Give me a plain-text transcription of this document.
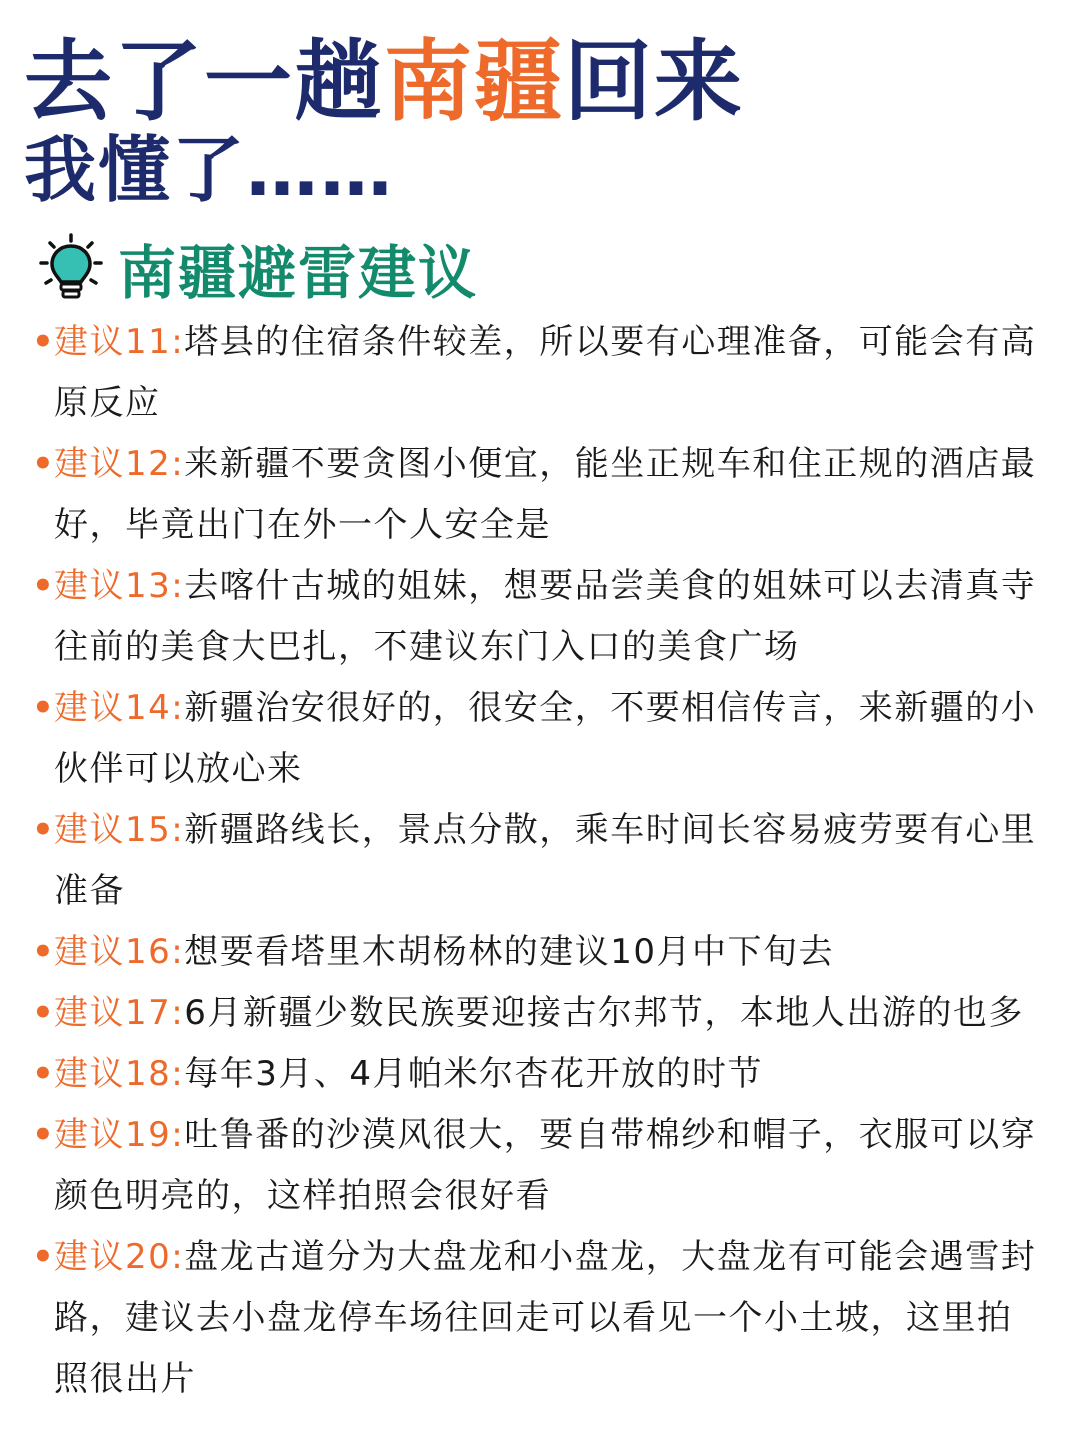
去了一趟南疆回来
我懂了……
南疆避雷建议
•
建议11:塔县的住宿条件较差，所以要有心理准备，可能会有高原反应
•
建议12:来新疆不要贪图小便宜，能坐正规车和住正规的酒店最好，毕竟出门在外一个人安全是
•
建议13:去喀什古城的姐妹，想要品尝美食的姐妹可以去清真寺往前的美食大巴扎，不建议东门入口的美食广场
•
建议14:新疆治安很好的，很安全，不要相信传言，来新疆的小伙伴可以放心来
•
建议15:新疆路线长，景点分散，乘车时间长容易疲劳要有心里准备
•
建议16:想要看塔里木胡杨林的建议10月中下旬去
•
建议17:6月新疆少数民族要迎接古尔邦节，本地人出游的也多
•
建议18:每年3月、4月帕米尔杏花开放的时节
•
建议19:吐鲁番的沙漠风很大，要自带棉纱和帽子，衣服可以穿颜色明亮的，这样拍照会很好看
•
建议20:盘龙古道分为大盘龙和小盘龙，大盘龙有可能会遇雪封路，建议去小盘龙停车场往回走可以看见一个小土坡，这里拍照很出片
